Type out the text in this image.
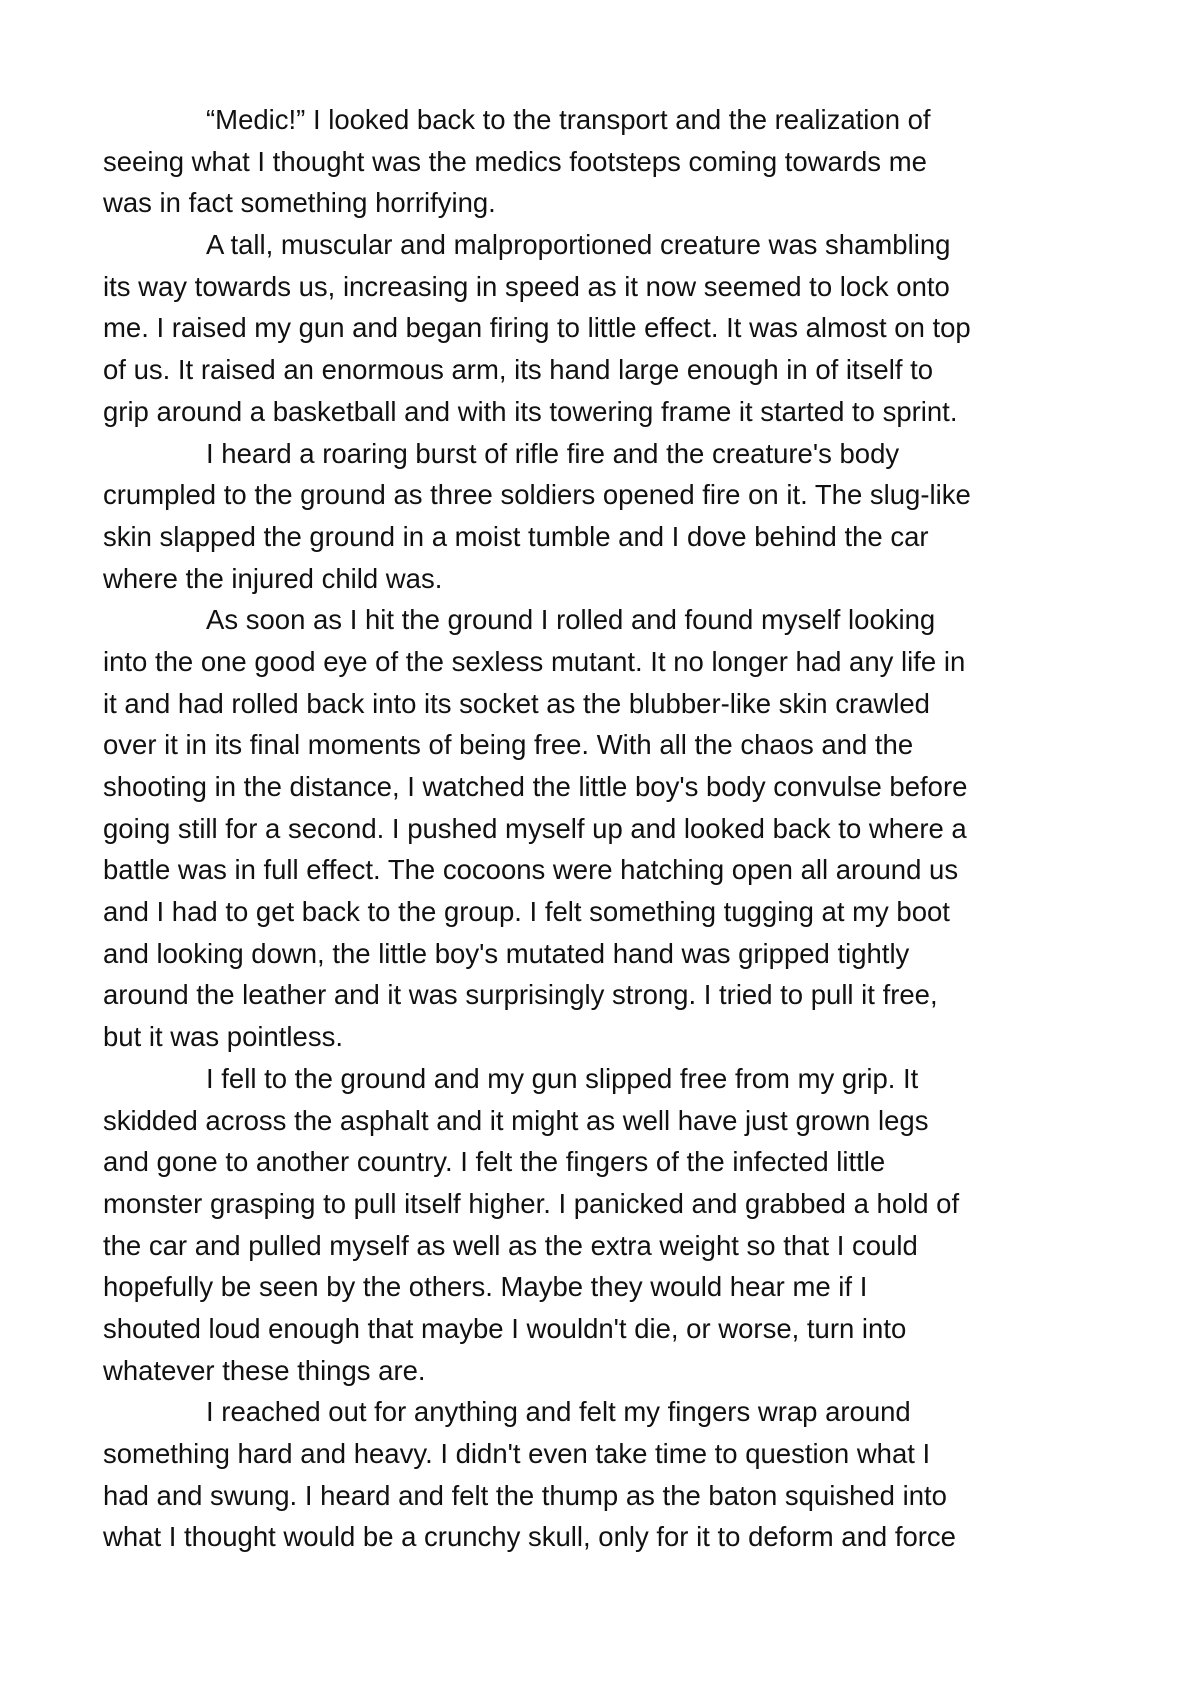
“Medic!” I looked back to the transport and the realization of
seeing what I thought was the medics footsteps coming towards me
was in fact something horrifying.
A tall, muscular and malproportioned creature was shambling
its way towards us, increasing in speed as it now seemed to lock onto
me. I raised my gun and began firing to little effect. It was almost on top
of us. It raised an enormous arm, its hand large enough in of itself to
grip around a basketball and with its towering frame it started to sprint.
I heard a roaring burst of rifle fire and the creature's body
crumpled to the ground as three soldiers opened fire on it. The slug-like
skin slapped the ground in a moist tumble and I dove behind the car
where the injured child was.
As soon as I hit the ground I rolled and found myself looking
into the one good eye of the sexless mutant. It no longer had any life in
it and had rolled back into its socket as the blubber-like skin crawled
over it in its final moments of being free. With all the chaos and the
shooting in the distance, I watched the little boy's body convulse before
going still for a second. I pushed myself up and looked back to where a
battle was in full effect. The cocoons were hatching open all around us
and I had to get back to the group. I felt something tugging at my boot
and looking down, the little boy's mutated hand was gripped tightly
around the leather and it was surprisingly strong. I tried to pull it free,
but it was pointless.
I fell to the ground and my gun slipped free from my grip. It
skidded across the asphalt and it might as well have just grown legs
and gone to another country. I felt the fingers of the infected little
monster grasping to pull itself higher. I panicked and grabbed a hold of
the car and pulled myself as well as the extra weight so that I could
hopefully be seen by the others. Maybe they would hear me if I
shouted loud enough that maybe I wouldn't die, or worse, turn into
whatever these things are.
I reached out for anything and felt my fingers wrap around
something hard and heavy. I didn't even take time to question what I
had and swung. I heard and felt the thump as the baton squished into
what I thought would be a crunchy skull, only for it to deform and force
